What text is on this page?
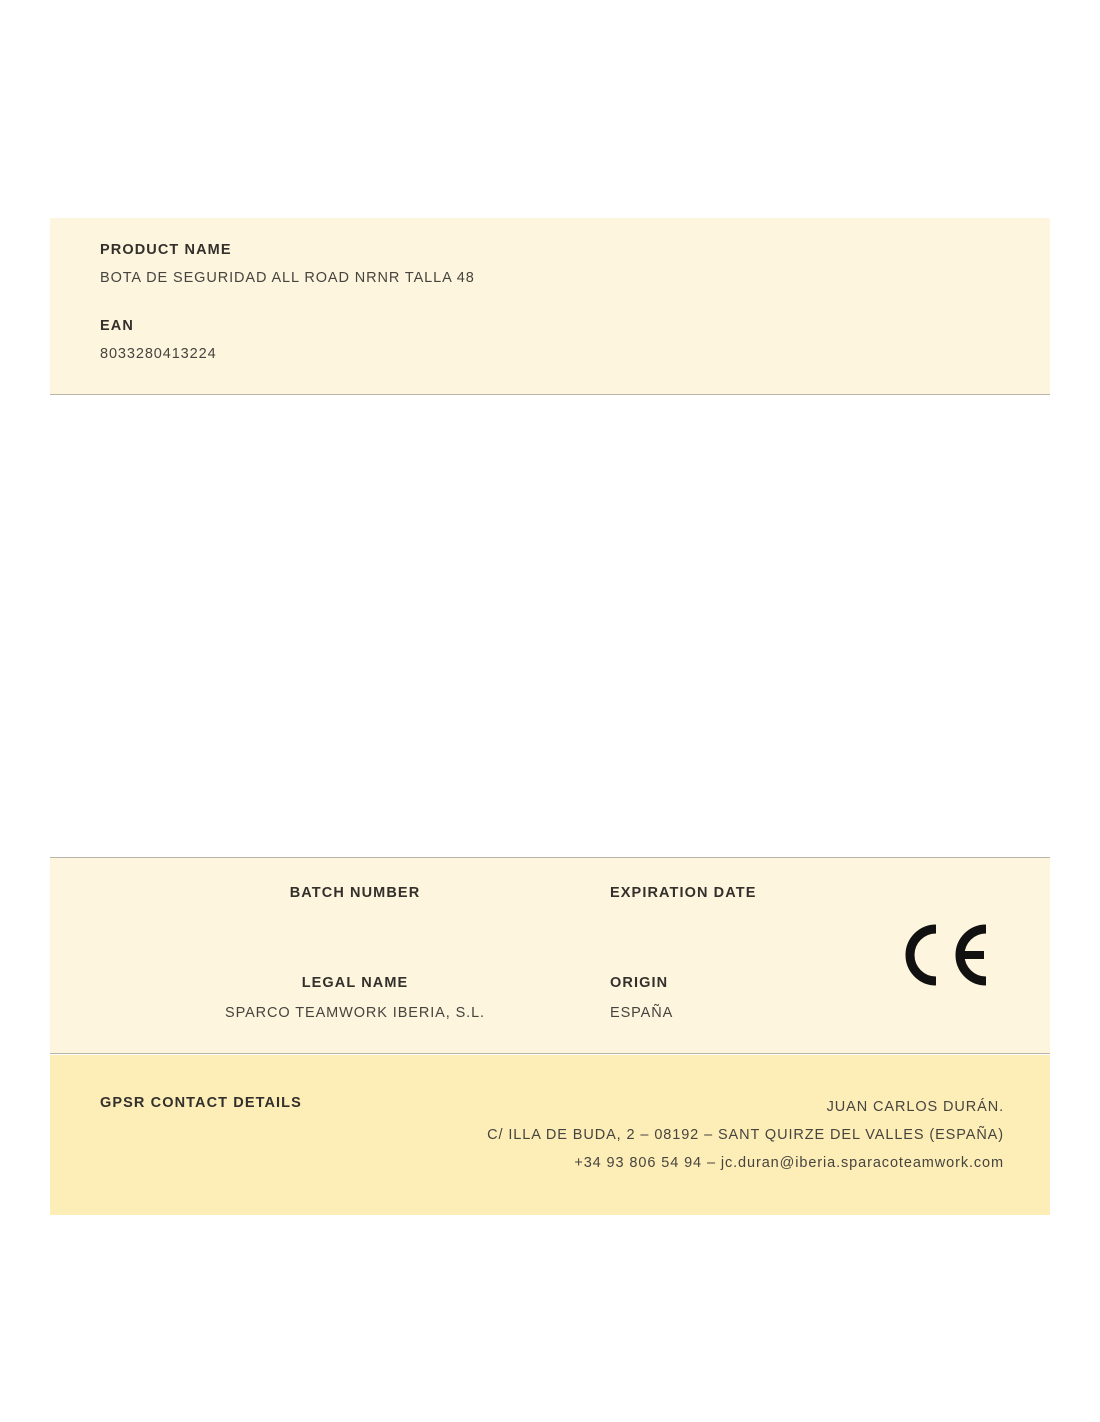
PRODUCT NAME

BOTA DE SEGURIDAD ALL ROAD NRNR TALLA 48

EAN

8033280413224

BATCH NUMBER	EXPIRATION DATE

LEGAL NAME

SPARCO TEAMWORK IBERIA, S.L.

ORIGIN

ESPAÑA

GPSR CONTACT DETAILS	JUAN CARLOS DURÁN.
C/ ILLA DE BUDA, 2 – 08192 – SANT QUIRZE DEL VALLES (ESPAÑA)
+34 93 806 54 94 – jc.duran@iberia.sparacoteamwork.com
